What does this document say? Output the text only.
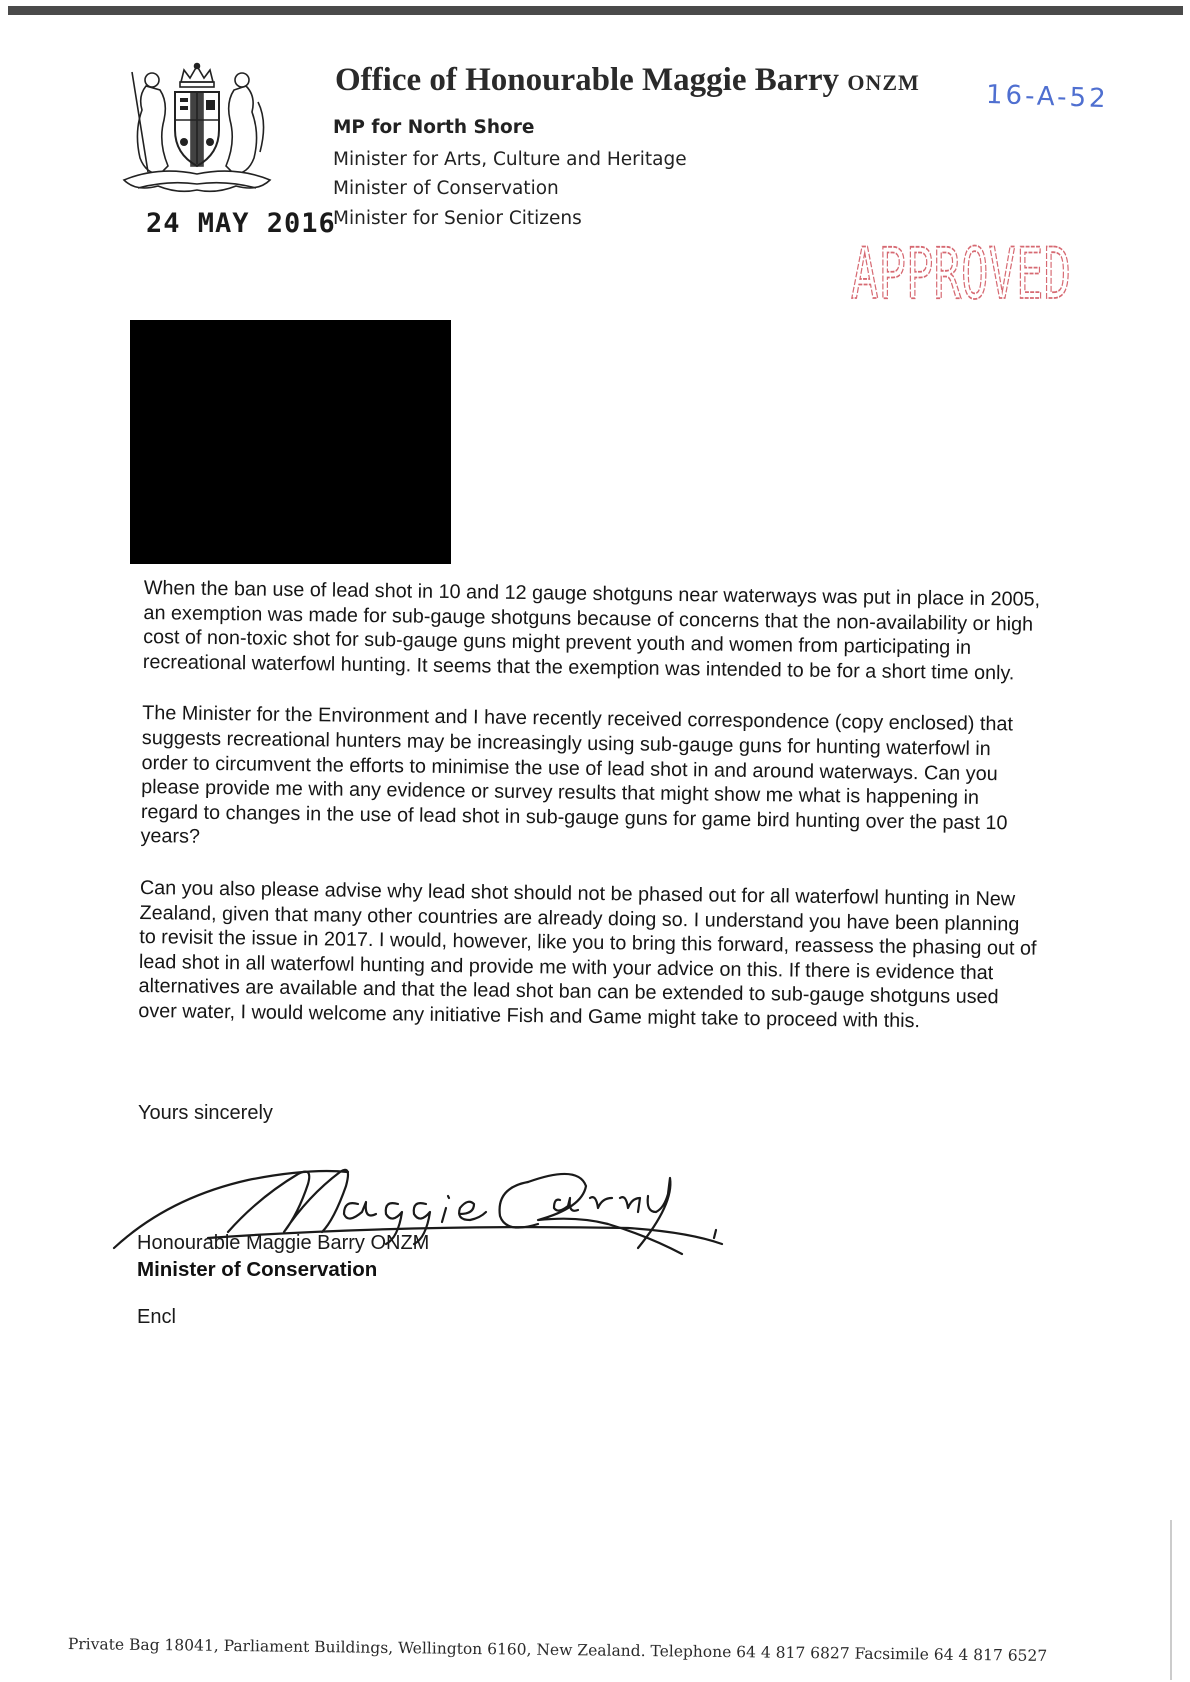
24 MAY 2016
Office of Honourable Maggie Barry ONZM
MP for North Shore
Minister for Arts, Culture and Heritage
Minister of Conservation
Minister for Senior Citizens
16-A-52
APPROVED

When the ban use of lead shot in 10 and 12 gauge shotguns near waterways was put in place in 2005, an exemption was made for sub-gauge shotguns because of concerns that the non-availability or high cost of non-toxic shot for sub-gauge guns might prevent youth and women from participating in recreational waterfowl hunting. It seems that the exemption was intended to be for a short time only.

The Minister for the Environment and I have recently received correspondence (copy enclosed) that suggests recreational hunters may be increasingly using sub-gauge guns for hunting waterfowl in order to circumvent the efforts to minimise the use of lead shot in and around waterways. Can you please provide me with any evidence or survey results that might show me what is happening in regard to changes in the use of lead shot in sub-gauge guns for game bird hunting over the past 10 years?

Can you also please advise why lead shot should not be phased out for all waterfowl hunting in New Zealand, given that many other countries are already doing so. I understand you have been planning to revisit the issue in 2017. I would, however, like you to bring this forward, reassess the phasing out of lead shot in all waterfowl hunting and provide me with your advice on this. If there is evidence that alternatives are available and that the lead shot ban can be extended to sub-gauge shotguns used over water, I would welcome any initiative Fish and Game might take to proceed with this.

Yours sincerely
Honourable Maggie Barry ONZM
Minister of Conservation
Encl
Private Bag 18041, Parliament Buildings, Wellington 6160, New Zealand. Telephone 64 4 817 6827 Facsimile 64 4 817 6527
